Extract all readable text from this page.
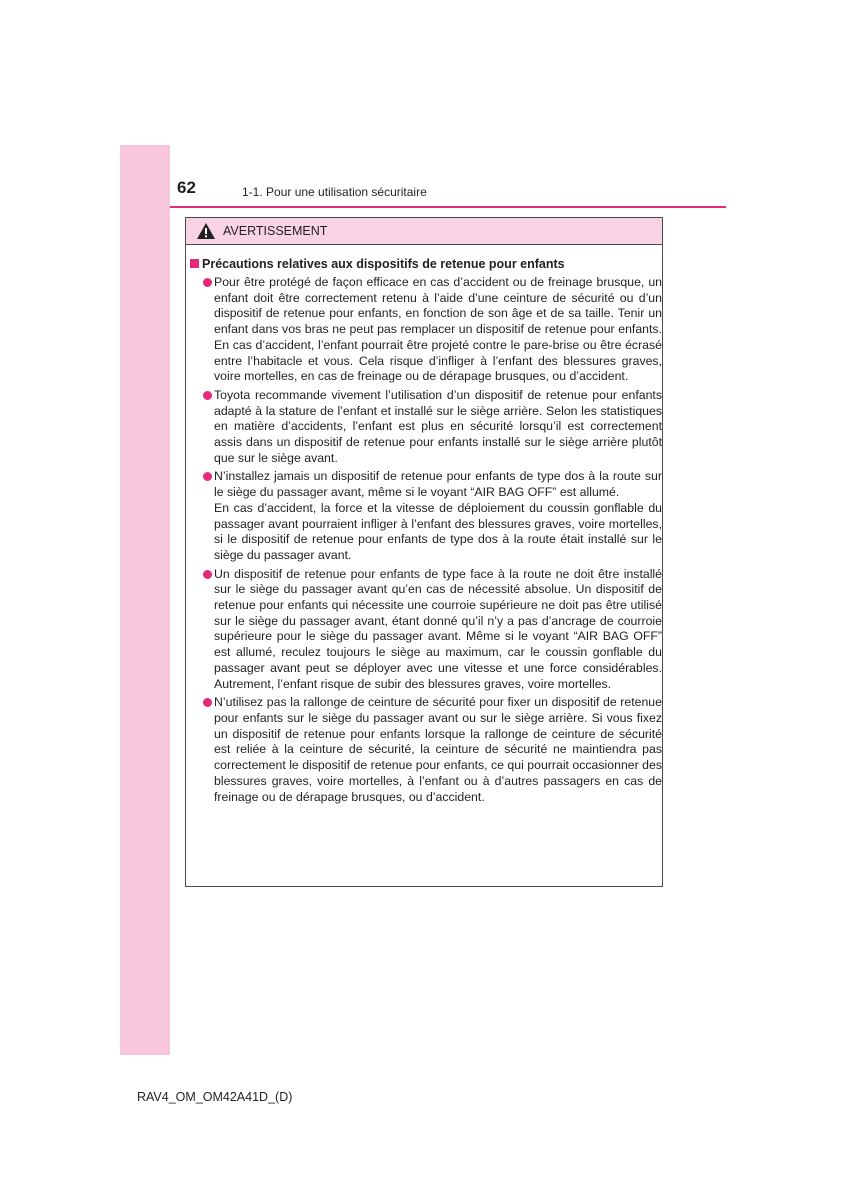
62	1-1. Pour une utilisation sécuritaire
AVERTISSEMENT
Précautions relatives aux dispositifs de retenue pour enfants
Pour être protégé de façon efficace en cas d’accident ou de freinage brusque, un enfant doit être correctement retenu à l’aide d’une ceinture de sécurité ou d’un dispositif de retenue pour enfants, en fonction de son âge et de sa taille. Tenir un enfant dans vos bras ne peut pas remplacer un dispositif de retenue pour enfants. En cas d’accident, l’enfant pourrait être projeté contre le pare-brise ou être écrasé entre l’habitacle et vous. Cela risque d’infliger à l’enfant des blessures graves, voire mortelles, en cas de freinage ou de dérapage brusques, ou d’accident.
Toyota recommande vivement l’utilisation d’un dispositif de retenue pour enfants adapté à la stature de l’enfant et installé sur le siège arrière. Selon les statistiques en matière d’accidents, l’enfant est plus en sécurité lorsqu’il est correctement assis dans un dispositif de retenue pour enfants installé sur le siège arrière plutôt que sur le siège avant.
N’installez jamais un dispositif de retenue pour enfants de type dos à la route sur le siège du passager avant, même si le voyant “AIR BAG OFF” est allumé.
En cas d’accident, la force et la vitesse de déploiement du coussin gonflable du passager avant pourraient infliger à l’enfant des blessures graves, voire mortelles, si le dispositif de retenue pour enfants de type dos à la route était installé sur le siège du passager avant.
Un dispositif de retenue pour enfants de type face à la route ne doit être installé sur le siège du passager avant qu’en cas de nécessité absolue. Un dispositif de retenue pour enfants qui nécessite une courroie supérieure ne doit pas être utilisé sur le siège du passager avant, étant donné qu’il n’y a pas d’ancrage de courroie supérieure pour le siège du passager avant. Même si le voyant “AIR BAG OFF” est allumé, reculez toujours le siège au maximum, car le coussin gonflable du passager avant peut se déployer avec une vitesse et une force considérables. Autrement, l’enfant risque de subir des blessures graves, voire mortelles.
N’utilisez pas la rallonge de ceinture de sécurité pour fixer un dispositif de retenue pour enfants sur le siège du passager avant ou sur le siège arrière. Si vous fixez un dispositif de retenue pour enfants lorsque la rallonge de ceinture de sécurité est reliée à la ceinture de sécurité, la ceinture de sécurité ne maintiendra pas correctement le dispositif de retenue pour enfants, ce qui pourrait occasionner des blessures graves, voire mortelles, à l’enfant ou à d’autres passagers en cas de freinage ou de dérapage brusques, ou d’accident.
RAV4_OM_OM42A41D_(D)
